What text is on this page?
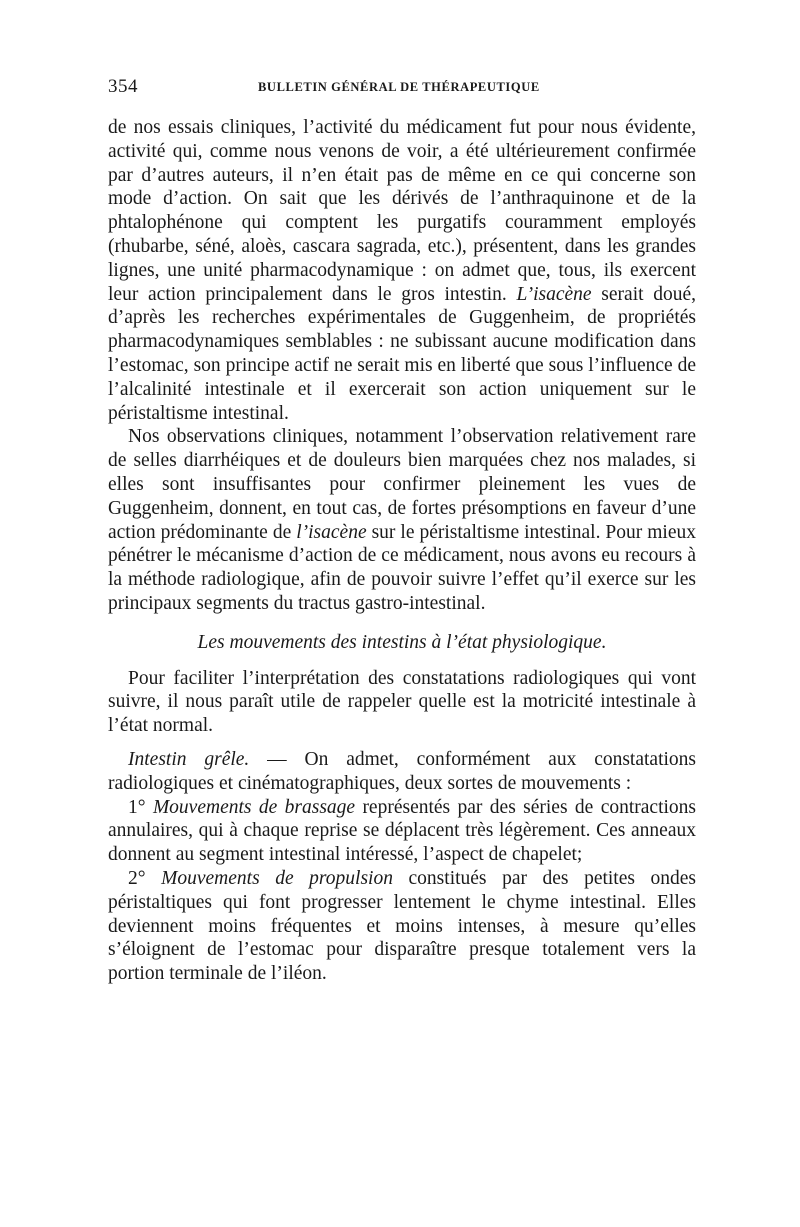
354	BULLETIN GÉNÉRAL DE THÉRAPEUTIQUE

de nos essais cliniques, l’activité du médicament fut pour nous évidente, activité qui, comme nous venons de voir, a été ultérieurement confirmée par d’autres auteurs, il n’en était pas de même en ce qui concerne son mode d’action. On sait que les dérivés de l’anthraquinone et de la phtalophénone qui comptent les purgatifs couramment employés (rhubarbe, séné, aloès, cascara sagrada, etc.), présentent, dans les grandes lignes, une unité pharmacodynamique : on admet que, tous, ils exercent leur action principalement dans le gros intestin. L’isacène serait doué, d’après les recherches expérimentales de Guggenheim, de propriétés pharmacodynamiques semblables : ne subissant aucune modification dans l’estomac, son principe actif ne serait mis en liberté que sous l’influence de l’alcalinité intestinale et il exercerait son action uniquement sur le péristaltisme intestinal.

Nos observations cliniques, notamment l’observation relativement rare de selles diarrhéiques et de douleurs bien marquées chez nos malades, si elles sont insuffisantes pour confirmer pleinement les vues de Guggenheim, donnent, en tout cas, de fortes présomptions en faveur d’une action prédominante de l’isacène sur le péristaltisme intestinal. Pour mieux pénétrer le mécanisme d’action de ce médicament, nous avons eu recours à la méthode radiologique, afin de pouvoir suivre l’effet qu’il exerce sur les principaux segments du tractus gastro-intestinal.

Les mouvements des intestins à l’état physiologique.

Pour faciliter l’interprétation des constatations radiologiques qui vont suivre, il nous paraît utile de rappeler quelle est la motricité intestinale à l’état normal.

Intestin grêle. — On admet, conformément aux constatations radiologiques et cinématographiques, deux sortes de mouvements :

1° Mouvements de brassage représentés par des séries de contractions annulaires, qui à chaque reprise se déplacent très légèrement. Ces anneaux donnent au segment intestinal intéressé, l’aspect de chapelet;

2° Mouvements de propulsion constitués par des petites ondes péristaltiques qui font progresser lentement le chyme intestinal. Elles deviennent moins fréquentes et moins intenses, à mesure qu’elles s’éloignent de l’estomac pour disparaître presque totalement vers la portion terminale de l’iléon.
